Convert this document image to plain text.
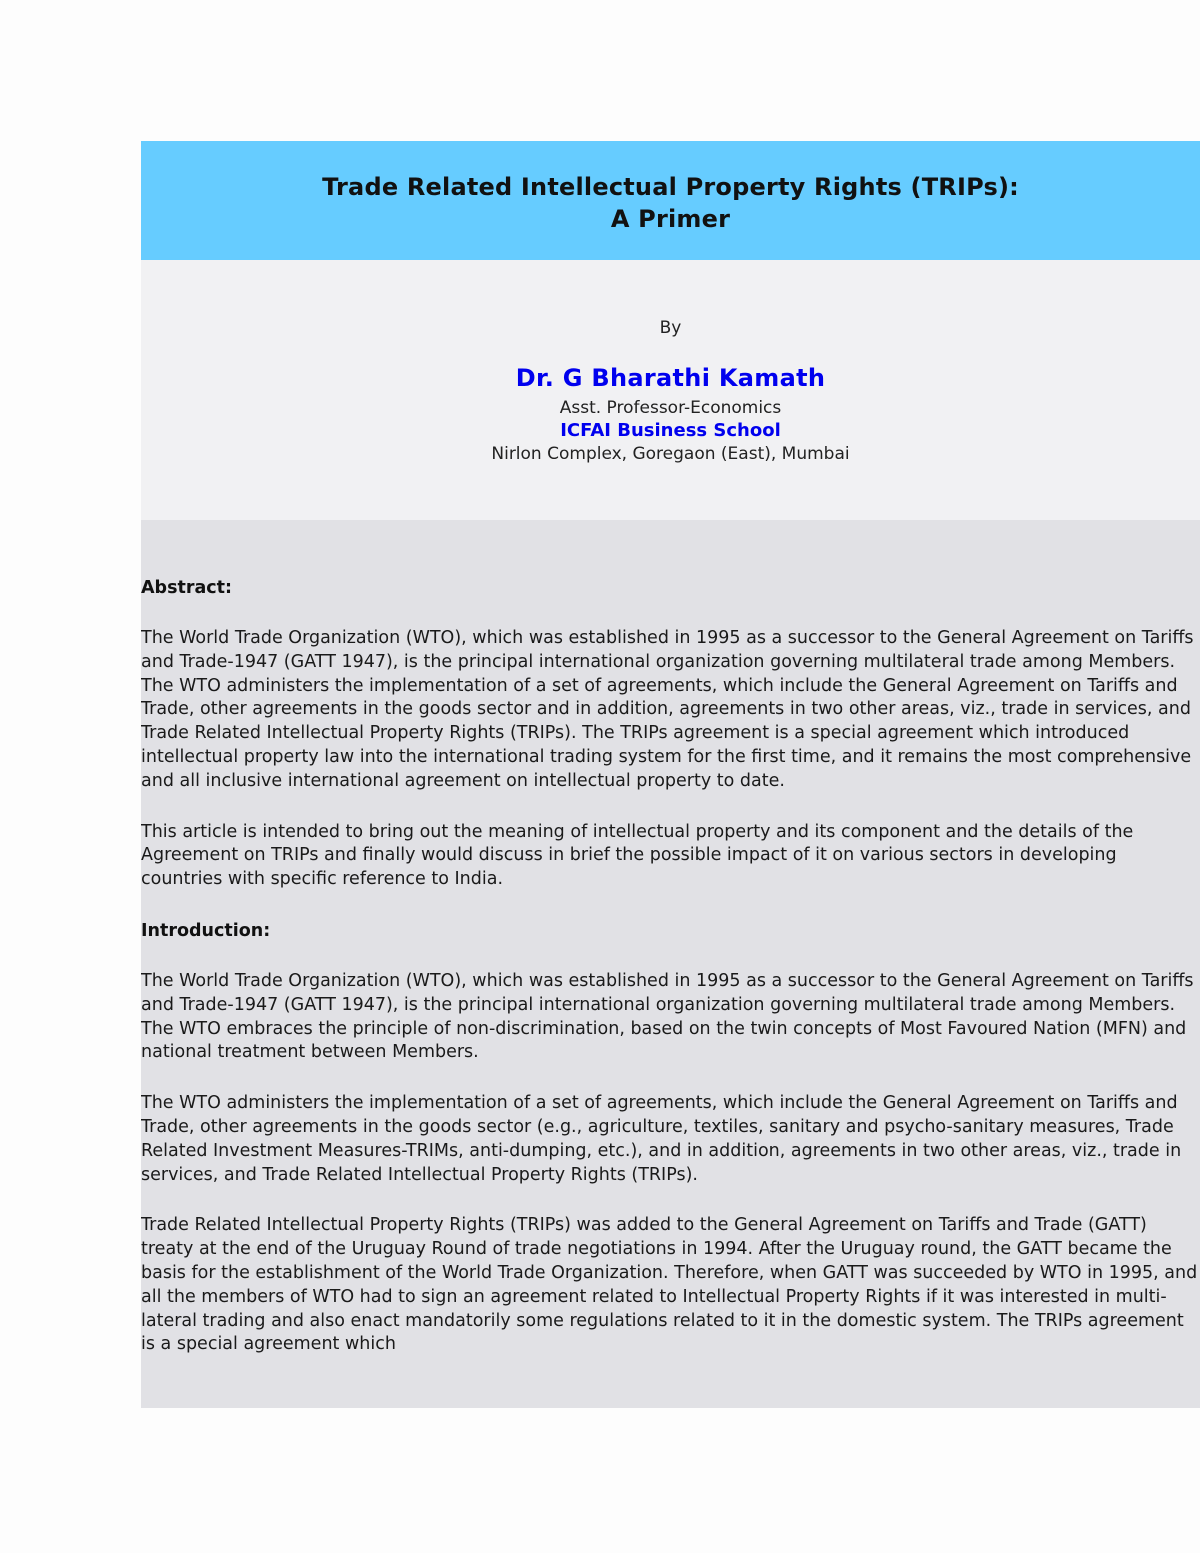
Trade Related Intellectual Property Rights (TRIPs):
A Primer
By
Dr. G Bharathi Kamath
Asst. Professor-Economics
ICFAI Business School
Nirlon Complex, Goregaon (East), Mumbai
Abstract:

The World Trade Organization (WTO), which was established in 1995 as a successor to the General Agreement on Tariffs and Trade-1947 (GATT 1947), is the principal international organization governing multilateral trade among Members. The WTO administers the implementation of a set of agreements, which include the General Agreement on Tariffs and Trade, other agreements in the goods sector and in addition, agreements in two other areas, viz., trade in services, and Trade Related Intellectual Property Rights (TRIPs). The TRIPs agreement is a special agreement which introduced intellectual property law into the international trading system for the first time, and it remains the most comprehensive and all inclusive international agreement on intellectual property to date.

This article is intended to bring out the meaning of intellectual property and its component and the details of the Agreement on TRIPs and finally would discuss in brief the possible impact of it on various sectors in developing countries with specific reference to India.

Introduction:

The World Trade Organization (WTO), which was established in 1995 as a successor to the General Agreement on Tariffs and Trade-1947 (GATT 1947), is the principal international organization governing multilateral trade among Members. The WTO embraces the principle of non-discrimination, based on the twin concepts of Most Favoured Nation (MFN) and national treatment between Members.

The WTO administers the implementation of a set of agreements, which include the General Agreement on Tariffs and Trade, other agreements in the goods sector (e.g., agriculture, textiles, sanitary and psycho-sanitary measures, Trade Related Investment Measures-TRIMs, anti-dumping, etc.), and in addition, agreements in two other areas, viz., trade in services, and Trade Related Intellectual Property Rights (TRIPs).

Trade Related Intellectual Property Rights (TRIPs) was added to the General Agreement on Tariffs and Trade (GATT) treaty at the end of the Uruguay Round of trade negotiations in 1994. After the Uruguay round, the GATT became the basis for the establishment of the World Trade Organization. Therefore, when GATT was succeeded by WTO in 1995, and all the members of WTO had to sign an agreement related to Intellectual Property Rights if it was interested in multi-lateral trading and also enact mandatorily some regulations related to it in the domestic system. The TRIPs agreement is a special agreement which
